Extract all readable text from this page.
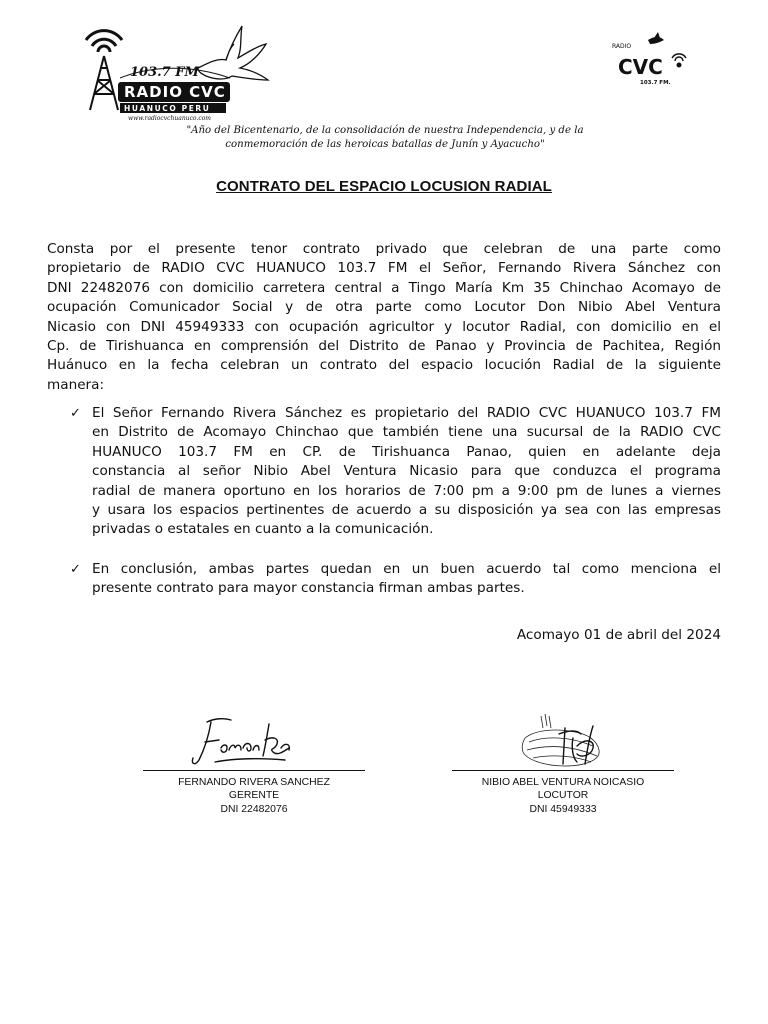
103.7 FM
RADIO CVC
HUANUCO PERU
www.radiocvchuanuco.com
RADIO
CVC
103.7 FM.
"Año del Bicentenario, de la consolidación de nuestra Independencia, y de la
conmemoración de las heroicas batallas de Junín y Ayacucho"
CONTRATO DEL ESPACIO LOCUSION RADIAL
Consta por el presente tenor contrato privado que celebran de una parte como
propietario de RADIO CVC HUANUCO 103.7 FM el Señor, Fernando Rivera Sánchez con
DNI 22482076 con domicilio carretera central a Tingo María Km 35 Chinchao Acomayo de
ocupación Comunicador Social y de otra parte como Locutor Don Nibio Abel Ventura
Nicasio con DNI 45949333 con ocupación agricultor y locutor Radial, con domicilio en el
Cp. de Tirishuanca en comprensión del Distrito de Panao y Provincia de Pachitea, Región
Huánuco en la fecha celebran un contrato del espacio locución Radial de la siguiente
manera:
✓ El Señor Fernando Rivera Sánchez es propietario del RADIO CVC HUANUCO 103.7 FM
en Distrito de Acomayo Chinchao que también tiene una sucursal de la RADIO CVC
HUANUCO 103.7 FM en CP. de Tirishuanca Panao, quien en adelante deja
constancia al señor Nibio Abel Ventura Nicasio para que conduzca el programa
radial de manera oportuno en los horarios de 7:00 pm a 9:00 pm de lunes a viernes
y usara los espacios pertinentes de acuerdo a su disposición ya sea con las empresas
privadas o estatales en cuanto a la comunicación.
✓ En conclusión, ambas partes quedan en un buen acuerdo tal como menciona el
presente contrato para mayor constancia firman ambas partes.
Acomayo 01 de abril del 2024
FERNANDO RIVERA SANCHEZ
GERENTE
DNI 22482076
NIBIO ABEL VENTURA NOICASIO
LOCUTOR
DNI 45949333
